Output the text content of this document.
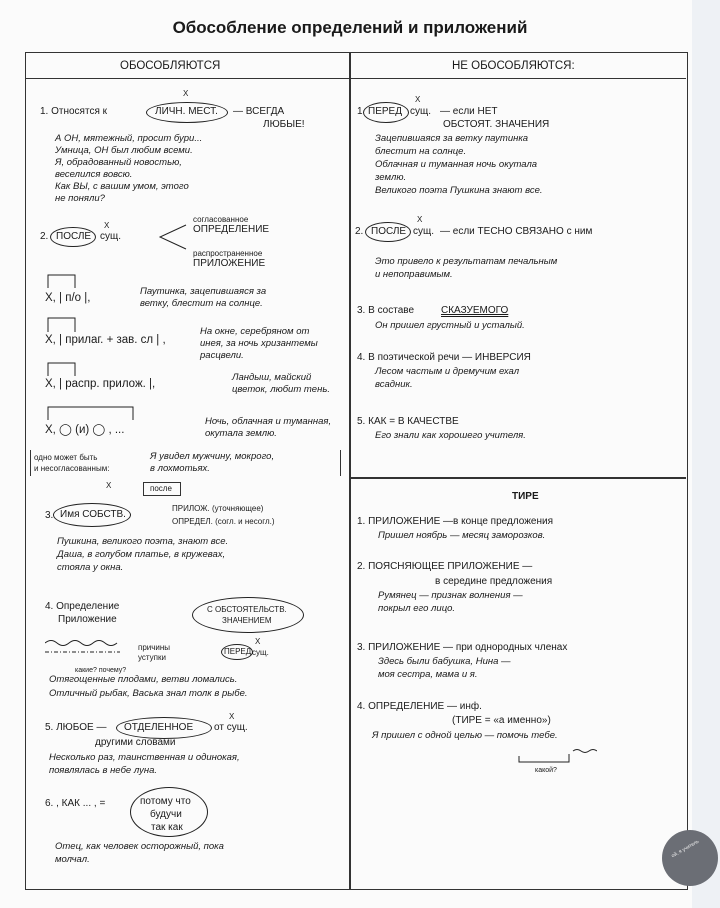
Обособление определений и приложений
ОБОСОБЛЯЮТСЯ
1. Относятся к	ЛИЧН. МЕСТ.
X
— ВСЕГДА
ЛЮБЫЕ!
А ОН, мятежный, просит бури...
Умница, ОН был любим всеми.
Я, обрадованный новостью,
веселился вовсю.
Как ВЫ, с вашим умом, этого
не поняли?
2. ПОСЛЕ сущ.
X
согласованное
ОПРЕДЕЛЕНИЕ
распространенное
ПРИЛОЖЕНИЕ
X, | п/о |,
Паутинка, зацепившаяся за
ветку, блестит на солнце.
X, | прилаг. + зав. сл | ,
На окне, серебряном от
инея, за ночь хризантемы
расцвели.
X, | распр. прилож. |,
Ландыш, майский
цветок, любит тень.
X, ◯ (и) ◯ , ...
Ночь, облачная и туманная,
окутала землю.
одно может быть
и несогласованным:
Я увидел мужчину, мокрого,
в лохмотьях.
X	после
3. Имя СОБСТВ.
ПРИЛОЖ. (уточняющее)
ОПРЕДЕЛ. (согл. и несогл.)
Пушкина, великого поэта, знают все.
Даша, в голубом платье, в кружевах,
стояла у окна.
4. Определение
Приложение
С ОБСТОЯТЕЛЬСТВ.
ЗНАЧЕНИЕМ
причины
уступки
ПЕРЕД сущ.
X
какие? почему?
Отягощенные плодами, ветви ломались.
Отличный рыбак, Васька знал толк в рыбе.
5. ЛЮБОЕ — ОТДЕЛЕННОЕ от сущ.
X
другими словами
Несколько раз, таинственная и одинокая,
появлялась в небе луна.
6. , КАК ... , =	потому что
будучи
так как
Отец, как человек осторожный, пока
молчал.
НЕ ОБОСОБЛЯЮТСЯ:
1 ПЕРЕД сущ.
X
— если НЕТ
ОБСТОЯТ. ЗНАЧЕНИЯ
Зацепившаяся за ветку паутинка
блестит на солнце.
Облачная и туманная ночь окутала
землю.
Великого поэта Пушкина знают все.
2. ПОСЛЕ сущ.
X
— если ТЕСНО СВЯЗАНО с ним
Это привело к результатам печальным
и непоправимым.
3. В составе	СКАЗУЕМОГО
Он пришел грустный и усталый.
4. В поэтической речи — ИНВЕРСИЯ
Лесом частым и дремучим ехал
всадник.
5. КАК = В КАЧЕСТВЕ
Его знали как хорошего учителя.
ТИРЕ
1. ПРИЛОЖЕНИЕ —в конце предложения
Пришел ноябрь — месяц заморозков.
2. ПОЯСНЯЮЩЕЕ ПРИЛОЖЕНИЕ —
в середине предложения
Румянец — признак волнения —
покрыл его лицо.
3. ПРИЛОЖЕНИЕ — при однородных членах
Здесь были бабушка, Нина —
моя сестра, мама и я.
4. ОПРЕДЕЛЕНИЕ — инф.
(ТИРЕ = «а именно»)
Я пришел с одной целью — помочь тебе.
какой?
ой, я учитель
